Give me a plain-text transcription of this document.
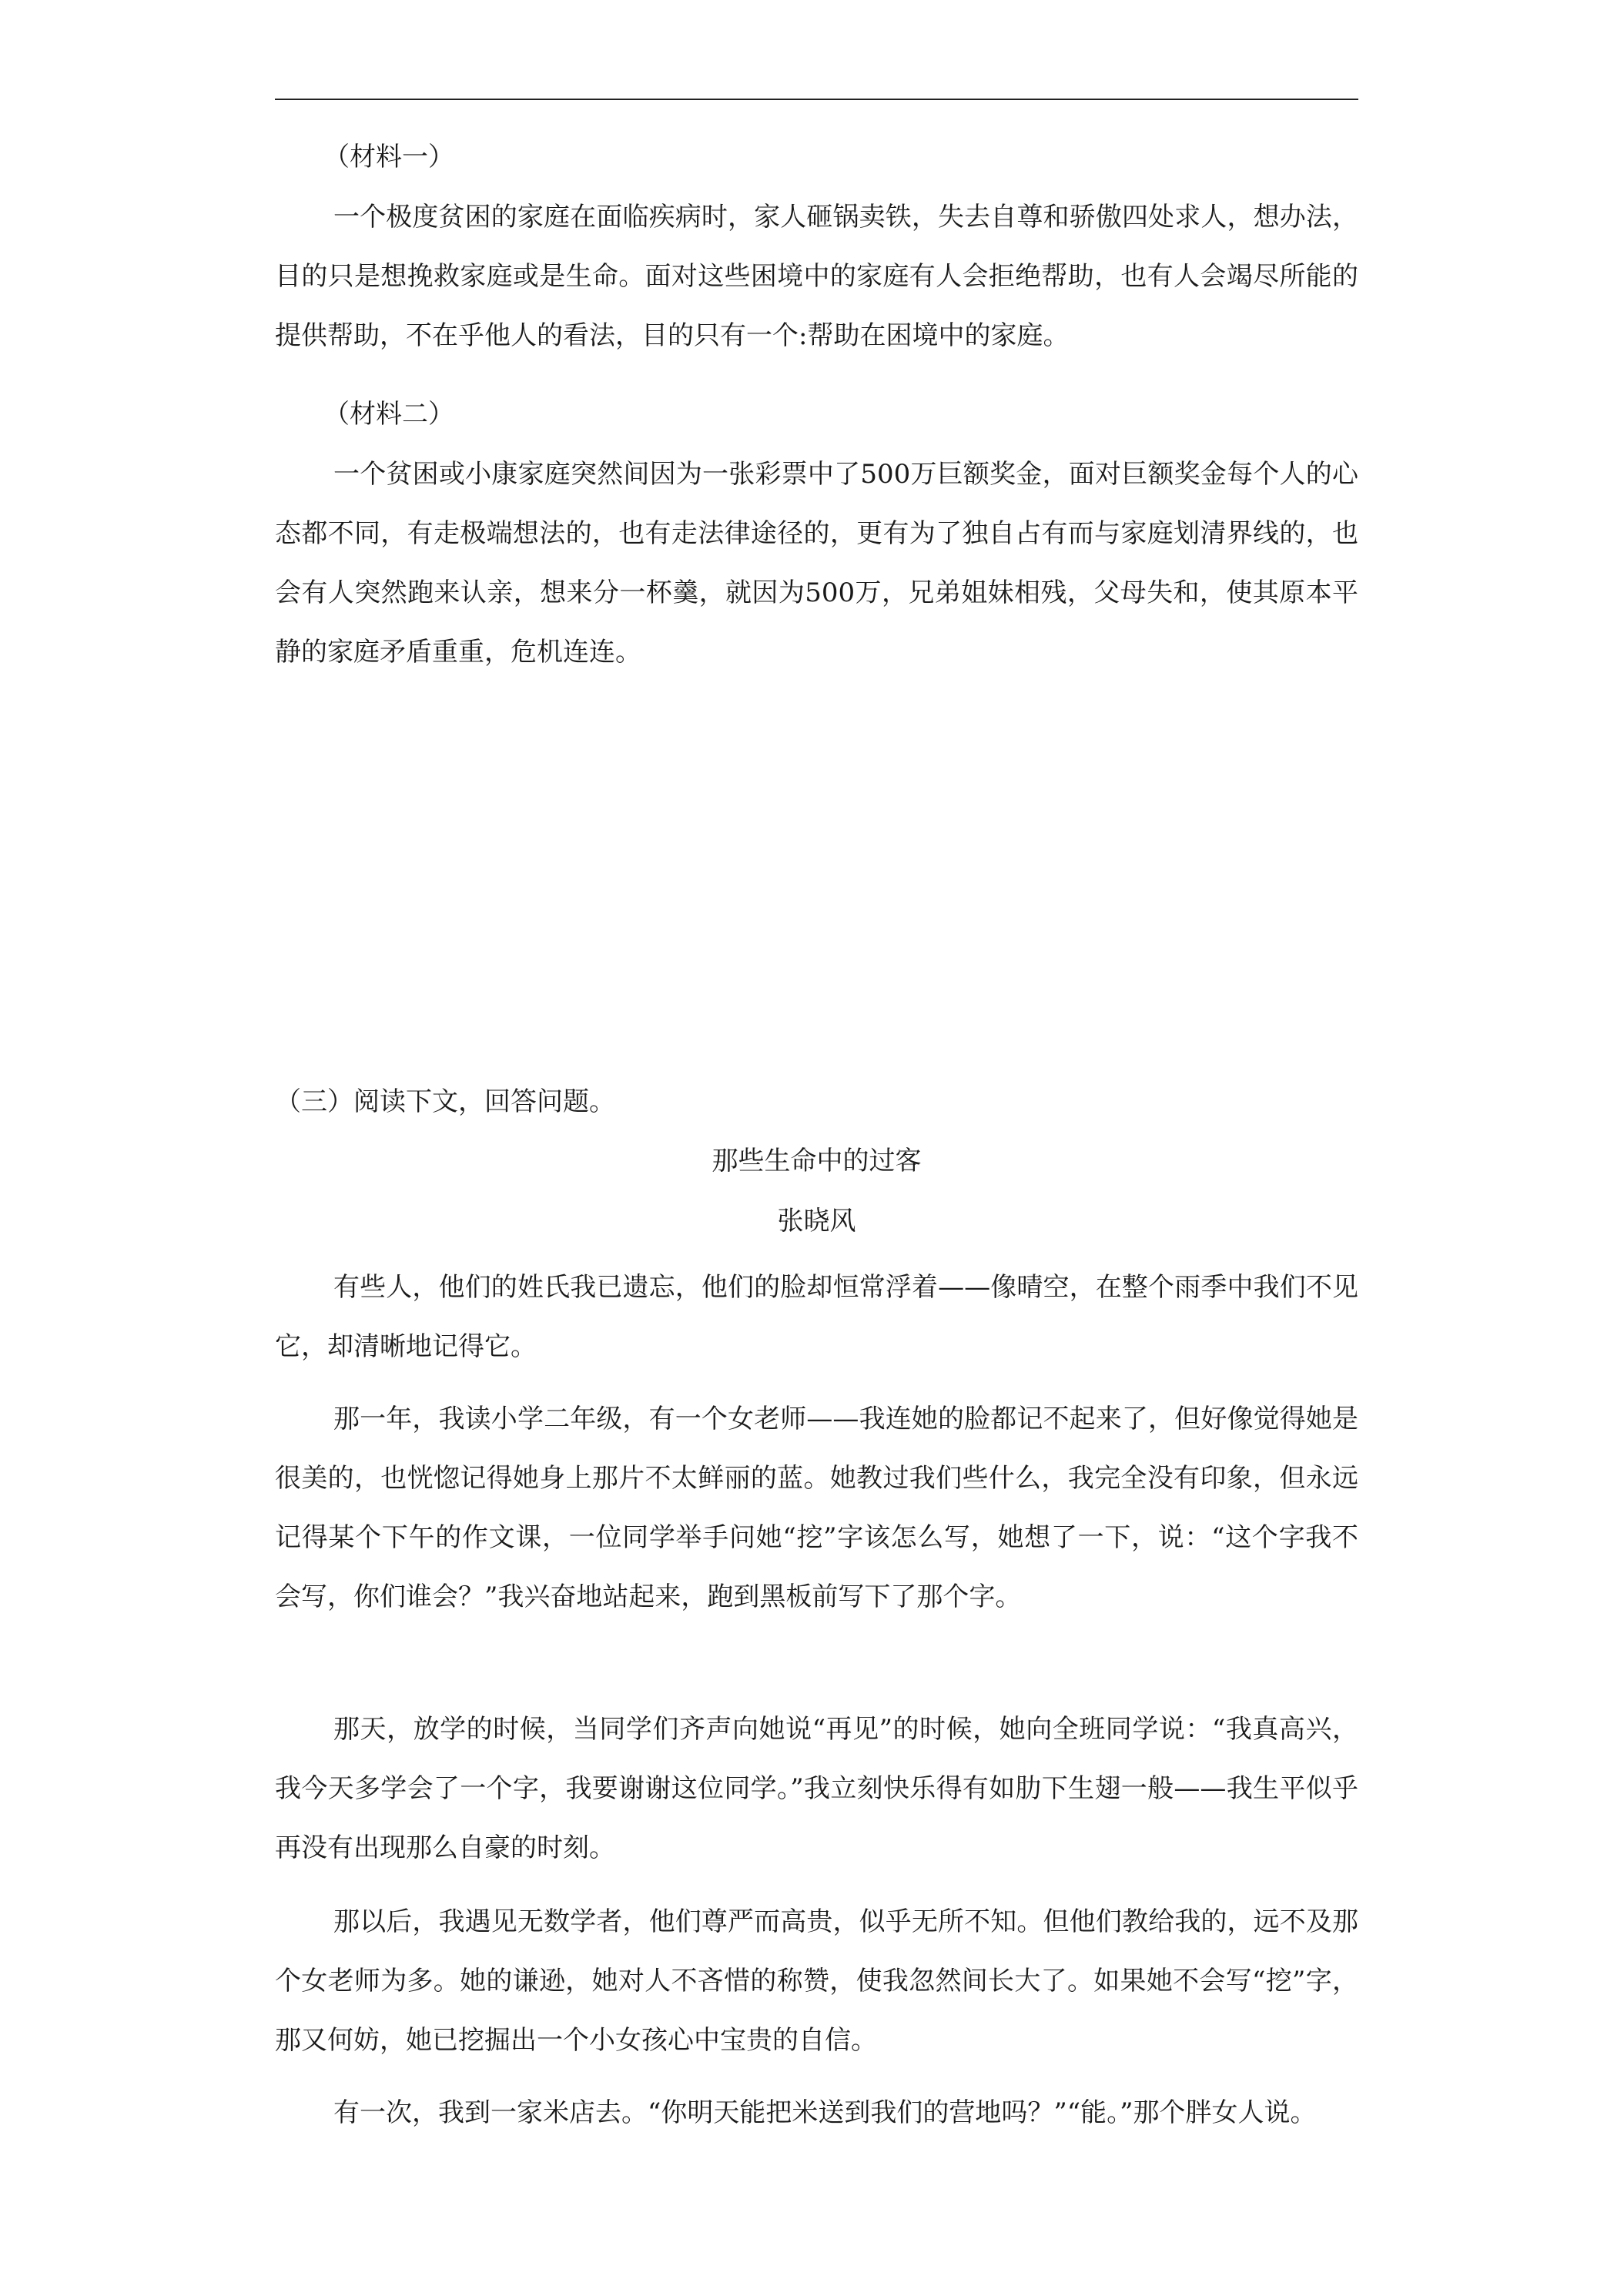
（材料一）

一个极度贫困的家庭在面临疾病时，家人砸锅卖铁，失去自尊和骄傲四处求人，想办法，目的只是想挽救家庭或是生命。面对这些困境中的家庭有人会拒绝帮助，也有人会竭尽所能的提供帮助，不在乎他人的看法，目的只有一个:帮助在困境中的家庭。

（材料二）

一个贫困或小康家庭突然间因为一张彩票中了500万巨额奖金，面对巨额奖金每个人的心态都不同，有走极端想法的，也有走法律途径的，更有为了独自占有而与家庭划清界线的，也会有人突然跑来认亲，想来分一杯羹，就因为500万，兄弟姐妹相残，父母失和，使其原本平静的家庭矛盾重重，危机连连。

（三）阅读下文，回答问题。

那些生命中的过客

张晓风

有些人，他们的姓氏我已遗忘，他们的脸却恒常浮着——像晴空，在整个雨季中我们不见它，却清晰地记得它。

那一年，我读小学二年级，有一个女老师——我连她的脸都记不起来了，但好像觉得她是很美的，也恍惚记得她身上那片不太鲜丽的蓝。她教过我们些什么，我完全没有印象，但永远记得某个下午的作文课，一位同学举手问她“挖”字该怎么写，她想了一下，说：“这个字我不会写，你们谁会？”我兴奋地站起来，跑到黑板前写下了那个字。

那天，放学的时候，当同学们齐声向她说“再见”的时候，她向全班同学说：“我真高兴，我今天多学会了一个字，我要谢谢这位同学。”我立刻快乐得有如肋下生翅一般——我生平似乎再没有出现那么自豪的时刻。

那以后，我遇见无数学者，他们尊严而高贵，似乎无所不知。但他们教给我的，远不及那个女老师为多。她的谦逊，她对人不吝惜的称赞，使我忽然间长大了。如果她不会写“挖”字，那又何妨，她已挖掘出一个小女孩心中宝贵的自信。

有一次，我到一家米店去。“你明天能把米送到我们的营地吗？”“能。”那个胖女人说。
